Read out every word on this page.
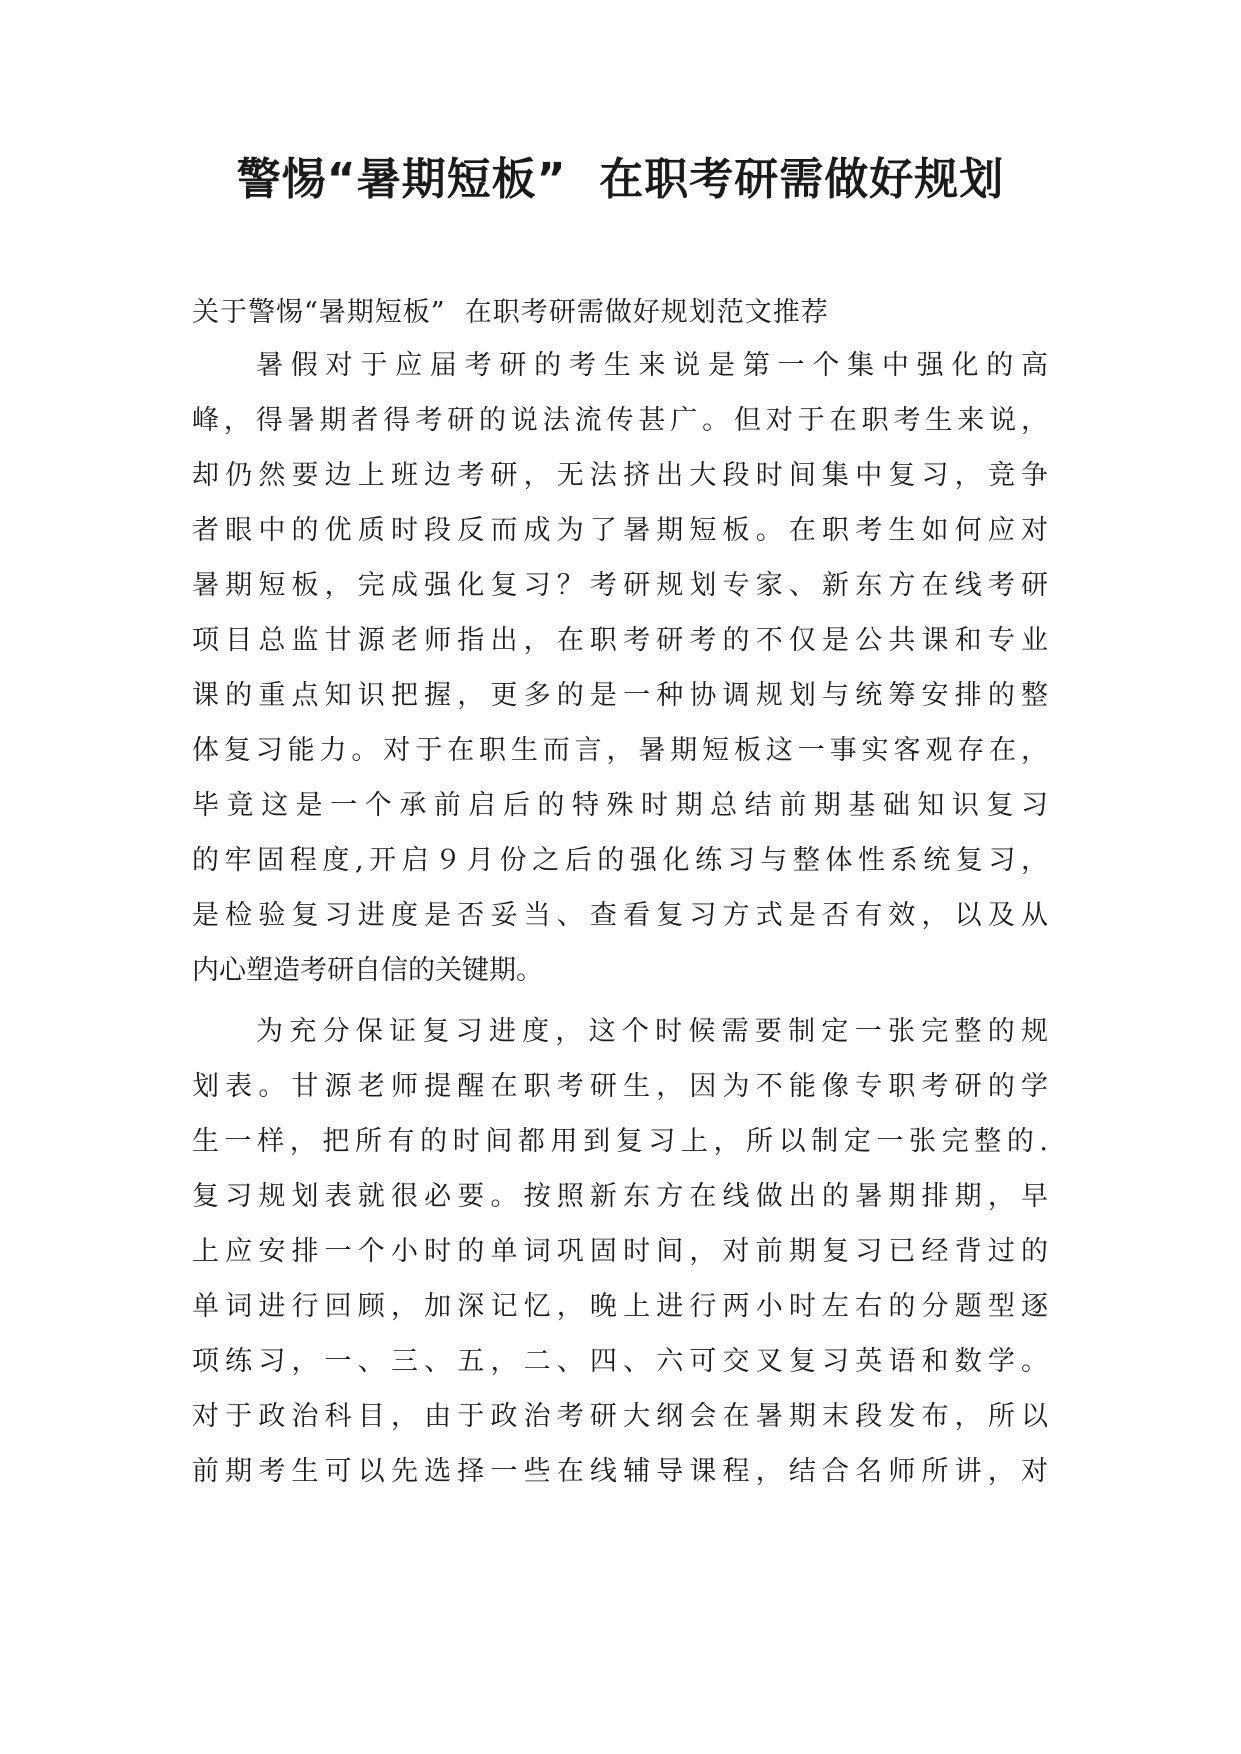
警惕“暑期短板”  在职考研需做好规划

关于警惕“暑期短板”  在职考研需做好规划范文推荐

暑假对于应届考研的考生来说是第一个集中强化的高
峰，得暑期者得考研的说法流传甚广。但对于在职考生来说，
却仍然要边上班边考研，无法挤出大段时间集中复习，竞争
者眼中的优质时段反而成为了暑期短板。在职考生如何应对
暑期短板，完成强化复习？考研规划专家、新东方在线考研
项目总监甘源老师指出，在职考研考的不仅是公共课和专业
课的重点知识把握，更多的是一种协调规划与统筹安排的整
体复习能力。对于在职生而言，暑期短板这一事实客观存在，
毕竟这是一个承前启后的特殊时期总结前期基础知识复习
的牢固程度,开启９月份之后的强化练习与整体性系统复习，
是检验复习进度是否妥当、查看复习方式是否有效，以及从
内心塑造考研自信的关键期。
为充分保证复习进度，这个时候需要制定一张完整的规
划表。甘源老师提醒在职考研生，因为不能像专职考研的学
生一样，把所有的时间都用到复习上，所以制定一张完整的.
复习规划表就很必要。按照新东方在线做出的暑期排期，早
上应安排一个小时的单词巩固时间，对前期复习已经背过的
单词进行回顾，加深记忆，晚上进行两小时左右的分题型逐
项练习，一、三、五，二、四、六可交叉复习英语和数学。
对于政治科目，由于政治考研大纲会在暑期末段发布，所以
前期考生可以先选择一些在线辅导课程，结合名师所讲，对
